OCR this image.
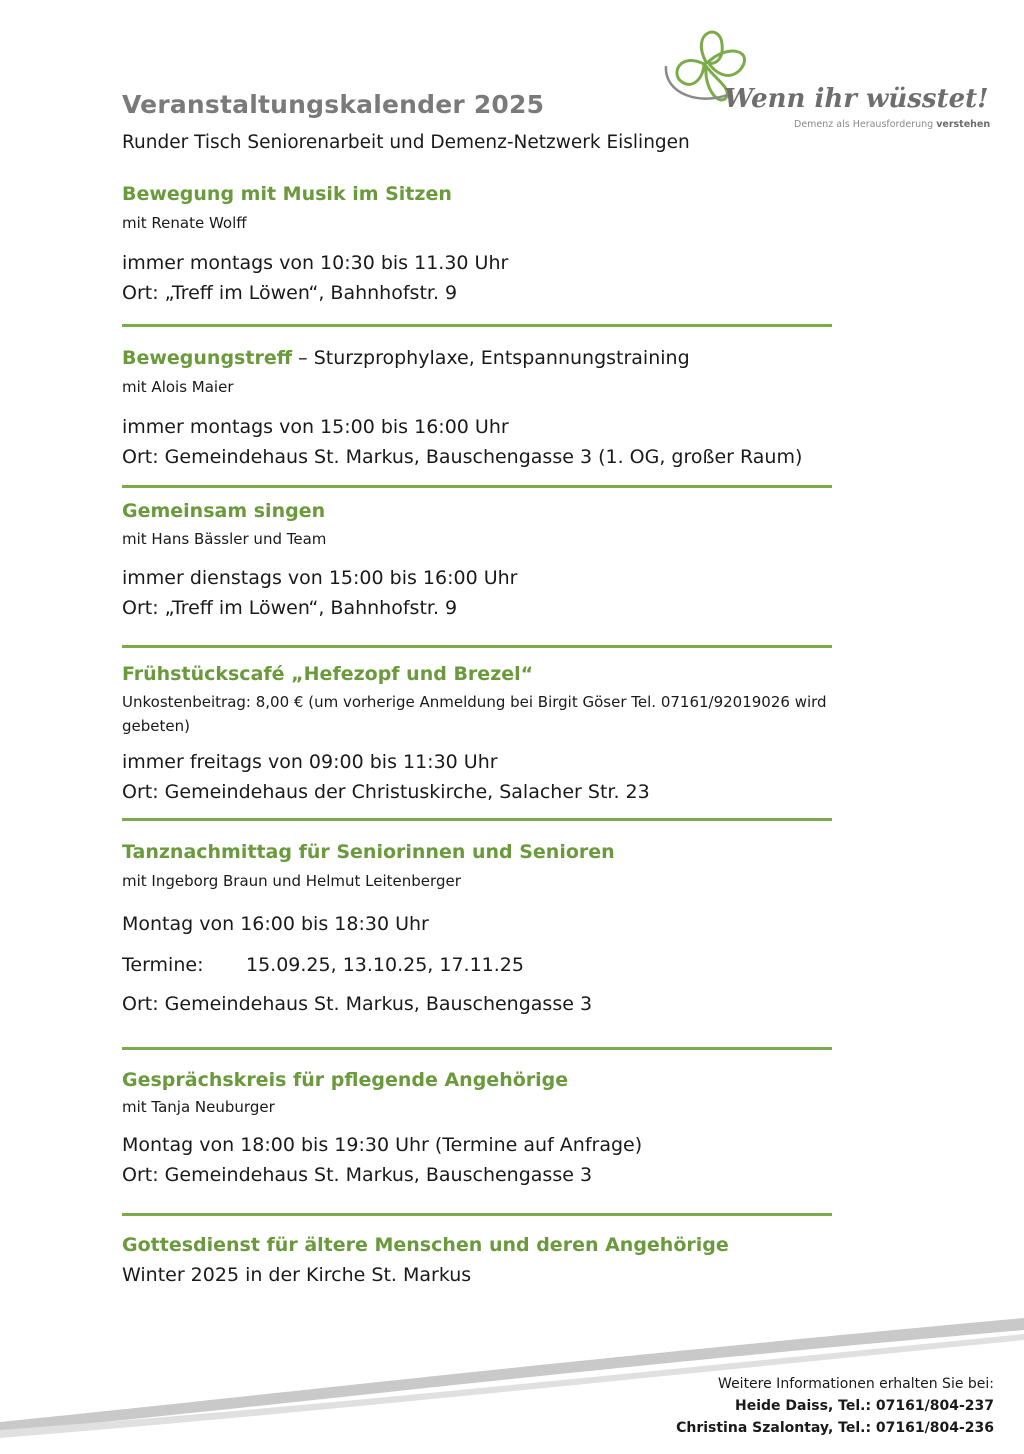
Wenn ihr wüsstet!
Demenz als Herausforderung verstehen
Veranstaltungskalender 2025
Runder Tisch Seniorenarbeit und Demenz-Netzwerk Eislingen
Bewegung mit Musik im Sitzen
mit Renate Wolff
immer montags von 10:30 bis 11.30 Uhr
Ort: „Treff im Löwen“, Bahnhofstr. 9
Bewegungstreff – Sturzprophylaxe, Entspannungstraining
mit Alois Maier
immer montags von 15:00 bis 16:00 Uhr
Ort: Gemeindehaus St. Markus, Bauschengasse 3 (1. OG, großer Raum)
Gemeinsam singen
mit Hans Bässler und Team
immer dienstags von 15:00 bis 16:00 Uhr
Ort: „Treff im Löwen“, Bahnhofstr. 9
Frühstückscafé „Hefezopf und Brezel“
Unkostenbeitrag: 8,00 € (um vorherige Anmeldung bei Birgit Göser Tel. 07161/92019026 wird gebeten)
immer freitags von 09:00 bis 11:30 Uhr
Ort: Gemeindehaus der Christuskirche, Salacher Str. 23
Tanznachmittag für Seniorinnen und Senioren
mit Ingeborg Braun und Helmut Leitenberger
Montag von 16:00 bis 18:30 Uhr
Termine: 15.09.25, 13.10.25, 17.11.25
Ort: Gemeindehaus St. Markus, Bauschengasse 3
Gesprächskreis für pflegende Angehörige
mit Tanja Neuburger
Montag von 18:00 bis 19:30 Uhr (Termine auf Anfrage)
Ort: Gemeindehaus St. Markus, Bauschengasse 3
Gottesdienst für ältere Menschen und deren Angehörige
Winter 2025 in der Kirche St. Markus
Weitere Informationen erhalten Sie bei:
Heide Daiss, Tel.: 07161/804-237
Christina Szalontay, Tel.: 07161/804-236
